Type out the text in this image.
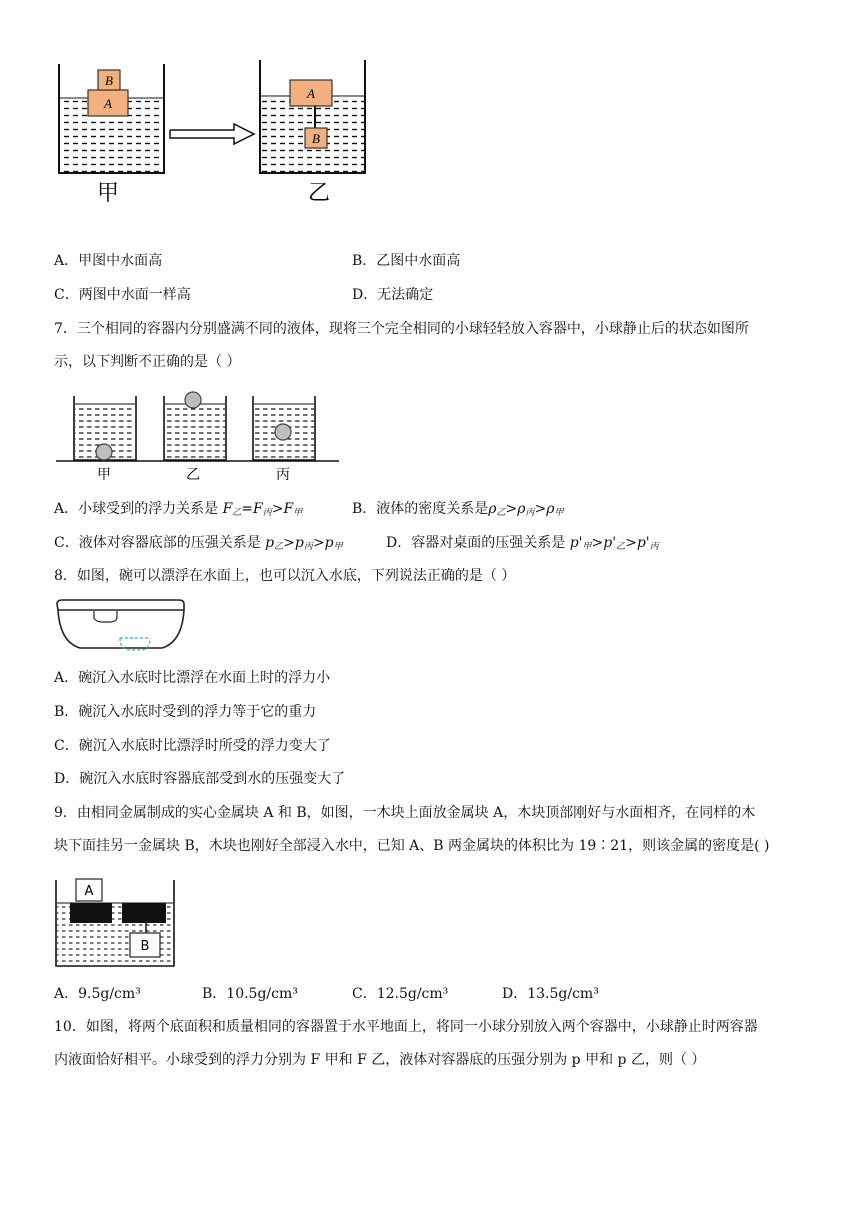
A
B
A
B
甲	乙
A．甲图中水面高	B．乙图中水面高
C．两图中水面一样高	D．无法确定
7．三个相同的容器内分别盛满不同的液体，现将三个完全相同的小球轻轻放入容器中，小球静止后的状态如图所
示，以下判断不正确的是（ ）
甲	乙	丙
A．小球受到的浮力关系是 $F_乙=F_丙>F_甲$	B．液体的密度关系是$\rho_乙>\rho_丙>\rho_甲$
C．液体对容器底部的压强关系是 $p_乙>p_丙>p_甲$	D．容器对桌面的压强关系是 $p'_甲>p'_乙>p'_丙$
8．如图，碗可以漂浮在水面上，也可以沉入水底，下列说法正确的是（ ）
A．碗沉入水底时比漂浮在水面上时的浮力小
B．碗沉入水底时受到的浮力等于它的重力
C．碗沉入水底时比漂浮时所受的浮力变大了
D．碗沉入水底时容器底部受到水的压强变大了
9．由相同金属制成的实心金属块 A 和 B，如图，一木块上面放金属块 A，木块顶部刚好与水面相齐，在同样的木
块下面挂另一金属块 B，木块也刚好全部浸入水中，已知 A、B 两金属块的体积比为 19∶21，则该金属的密度是( )
A
B
A．9.5g/cm³	B．10.5g/cm³	C．12.5g/cm³	D．13.5g/cm³
10．如图，将两个底面积和质量相同的容器置于水平地面上，将同一小球分别放入两个容器中，小球静止时两容器
内液面恰好相平。小球受到的浮力分别为 F 甲和 F 乙，液体对容器底的压强分别为 p 甲和 p 乙，则（ ）
